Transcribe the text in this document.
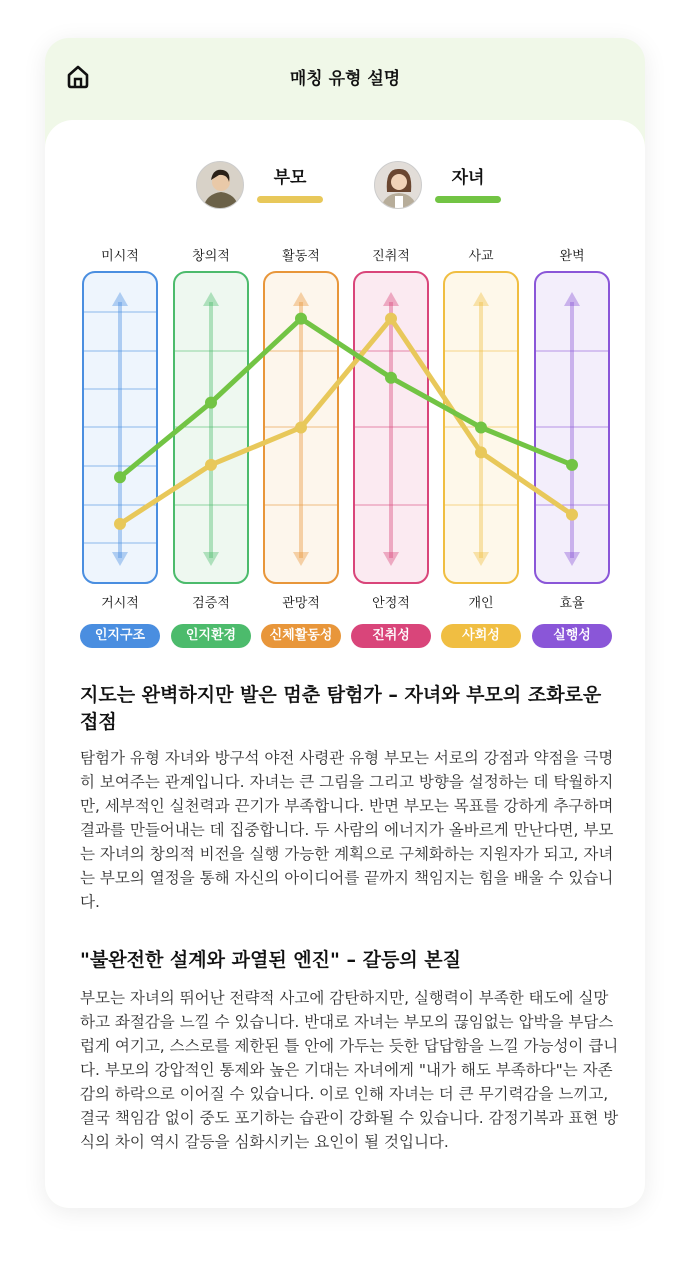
매칭 유형 설명
부모	자녀
미시적
거시적
인지구조
창의적
검증적
인지환경
활동적
관망적
신체활동성
진취적
안정적
진취성
사교
개인
사회성
완벽
효율
실행성
지도는 완벽하지만 발은 멈춘 탐험가 – 자녀와 부모의 조화로운 접점
탐험가 유형 자녀와 방구석 야전 사령관 유형 부모는 서로의 강점과 약점을 극명히 보여주는 관계입니다. 자녀는 큰 그림을 그리고 방향을 설정하는 데 탁월하지만, 세부적인 실천력과 끈기가 부족합니다. 반면 부모는 목표를 강하게 추구하며 결과를 만들어내는 데 집중합니다. 두 사람의 에너지가 올바르게 만난다면, 부모는 자녀의 창의적 비전을 실행 가능한 계획으로 구체화하는 지원자가 되고, 자녀는 부모의 열정을 통해 자신의 아이디어를 끝까지 책임지는 힘을 배울 수 있습니다.
"불완전한 설계와 과열된 엔진" – 갈등의 본질
부모는 자녀의 뛰어난 전략적 사고에 감탄하지만, 실행력이 부족한 태도에 실망하고 좌절감을 느낄 수 있습니다. 반대로 자녀는 부모의 끊임없는 압박을 부담스럽게 여기고, 스스로를 제한된 틀 안에 가두는 듯한 답답함을 느낄 가능성이 큽니다. 부모의 강압적인 통제와 높은 기대는 자녀에게 "내가 해도 부족하다"는 자존감의 하락으로 이어질 수 있습니다. 이로 인해 자녀는 더 큰 무기력감을 느끼고, 결국 책임감 없이 중도 포기하는 습관이 강화될 수 있습니다. 감정기복과 표현 방식의 차이 역시 갈등을 심화시키는 요인이 될 것입니다.
